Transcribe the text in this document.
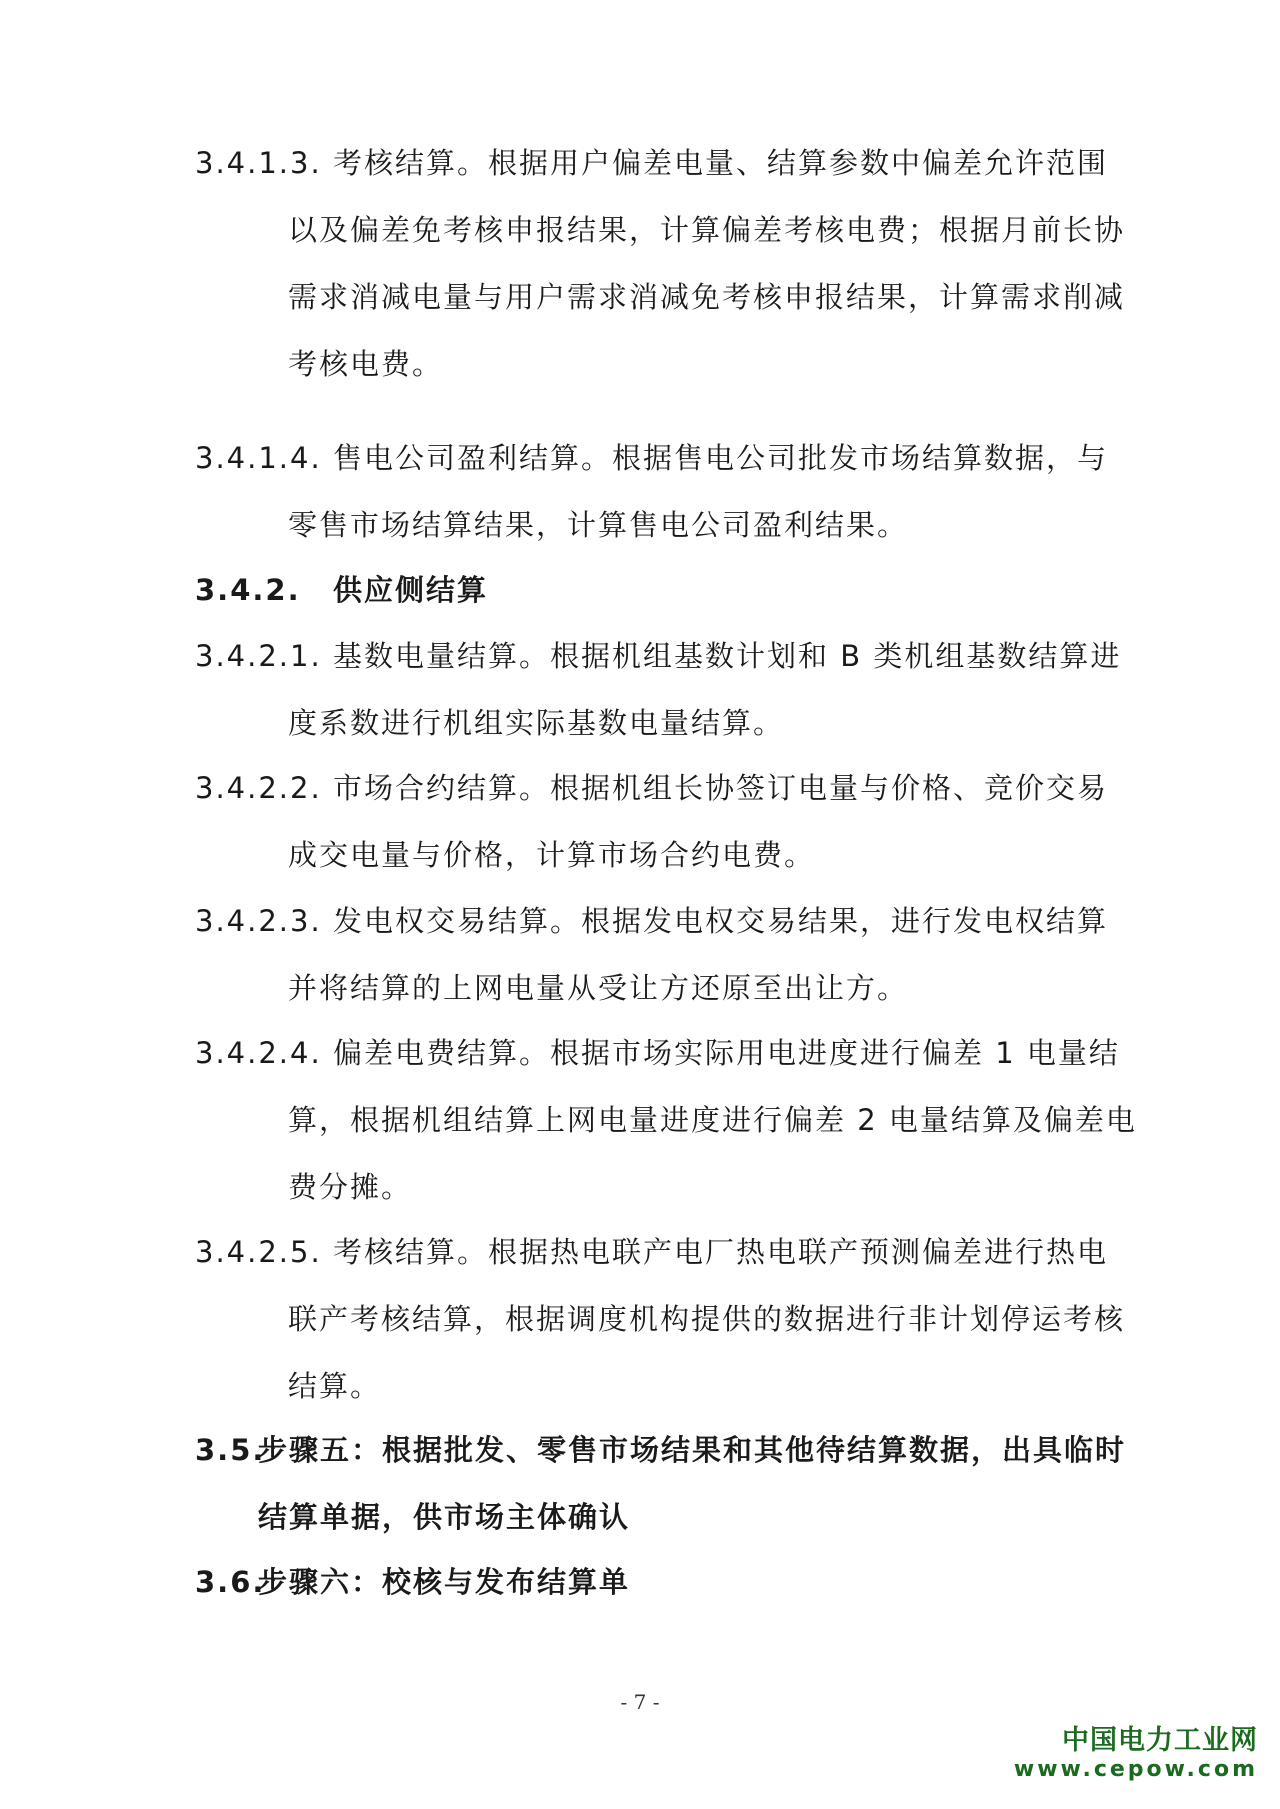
3.4.1.3. 考核结算。根据用户偏差电量、结算参数中偏差允许范围
以及偏差免考核申报结果，计算偏差考核电费；根据月前长协
需求消减电量与用户需求消减免考核申报结果，计算需求削减
考核电费。
3.4.1.4. 售电公司盈利结算。根据售电公司批发市场结算数据，与
零售市场结算结果，计算售电公司盈利结果。
3.4.2.	供应侧结算
3.4.2.1. 基数电量结算。根据机组基数计划和 B 类机组基数结算进
度系数进行机组实际基数电量结算。
3.4.2.2. 市场合约结算。根据机组长协签订电量与价格、竞价交易
成交电量与价格，计算市场合约电费。
3.4.2.3. 发电权交易结算。根据发电权交易结果，进行发电权结算
并将结算的上网电量从受让方还原至出让方。
3.4.2.4. 偏差电费结算。根据市场实际用电进度进行偏差 1 电量结
算，根据机组结算上网电量进度进行偏差 2 电量结算及偏差电
费分摊。
3.4.2.5. 考核结算。根据热电联产电厂热电联产预测偏差进行热电
联产考核结算，根据调度机构提供的数据进行非计划停运考核
结算。
3.5.
步骤五：根据批发、零售市场结果和其他待结算数据，出具临时
结算单据，供市场主体确认
3.6.
步骤六：校核与发布结算单
- 7 -
中国电力工业网
www.cepow.com
